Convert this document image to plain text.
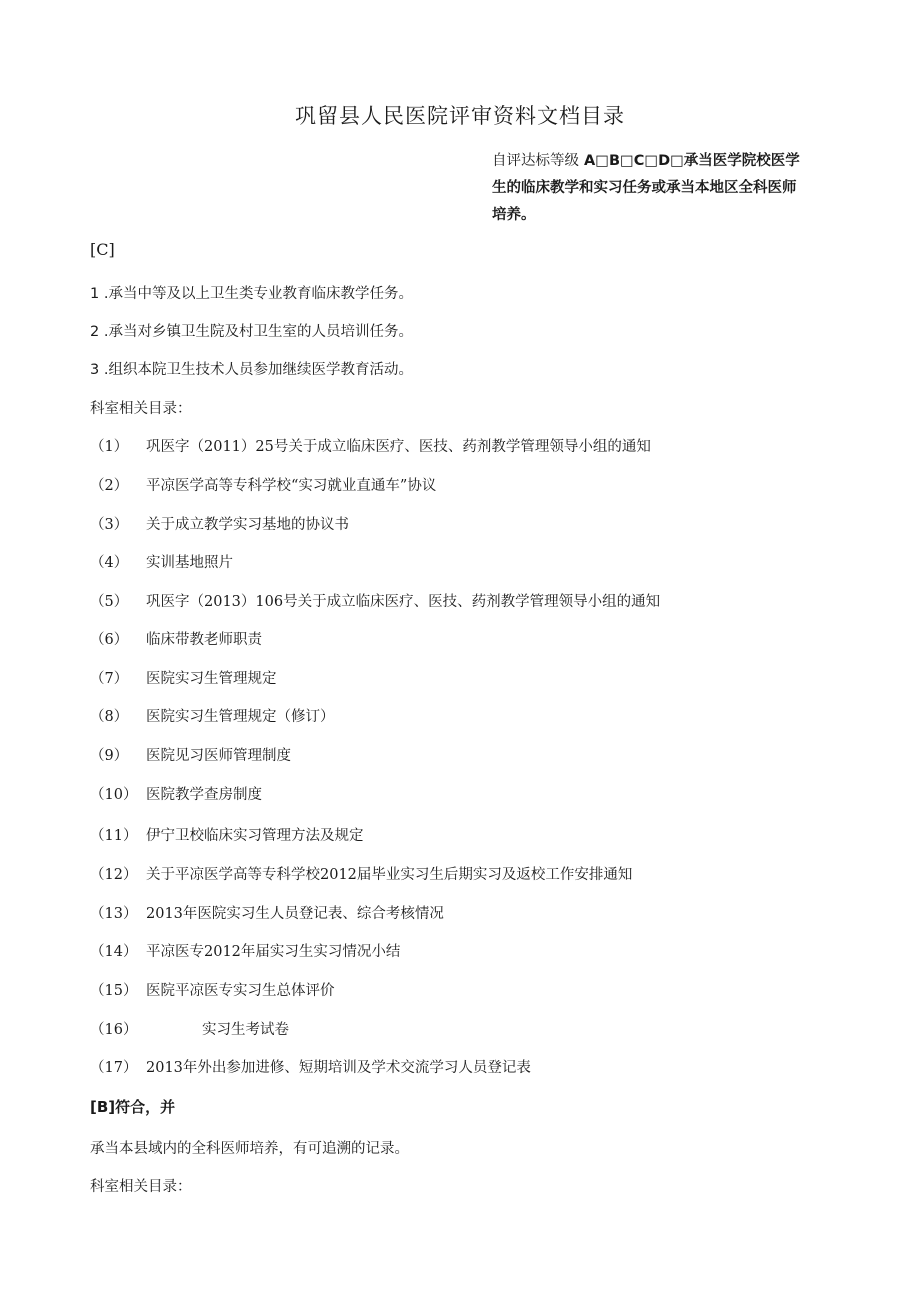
巩留县人民医院评审资料文档目录
自评达标等级 A□B□C□D□承当医学院校医学生的临床教学和实习任务或承当本地区全科医师培养。
[C]
1 .承当中等及以上卫生类专业教育临床教学任务。
2 .承当对乡镇卫生院及村卫生室的人员培训任务。
3 .组织本院卫生技术人员参加继续医学教育活动。
科室相关目录：
（1） 巩医字（2011）25号关于成立临床医疗、医技、药剂教学管理领导小组的通知
（2） 平凉医学高等专科学校“实习就业直通车”协议
（3） 关于成立教学实习基地的协议书
（4） 实训基地照片
（5） 巩医字（2013）106号关于成立临床医疗、医技、药剂教学管理领导小组的通知
（6） 临床带教老师职责
（7） 医院实习生管理规定
（8） 医院实习生管理规定（修订）
（9） 医院见习医师管理制度
（10） 医院教学查房制度
（11） 伊宁卫校临床实习管理方法及规定
（12） 关于平凉医学高等专科学校2012届毕业实习生后期实习及返校工作安排通知
（13） 2013年医院实习生人员登记表、综合考核情况
（14） 平凉医专2012年届实习生实习情况小结
（15） 医院平凉医专实习生总体评价
（16）	实习生考试卷
（17） 2013年外出参加进修、短期培训及学术交流学习人员登记表
[B]符合，并
承当本县域内的全科医师培养，有可追溯的记录。
科室相关目录：
